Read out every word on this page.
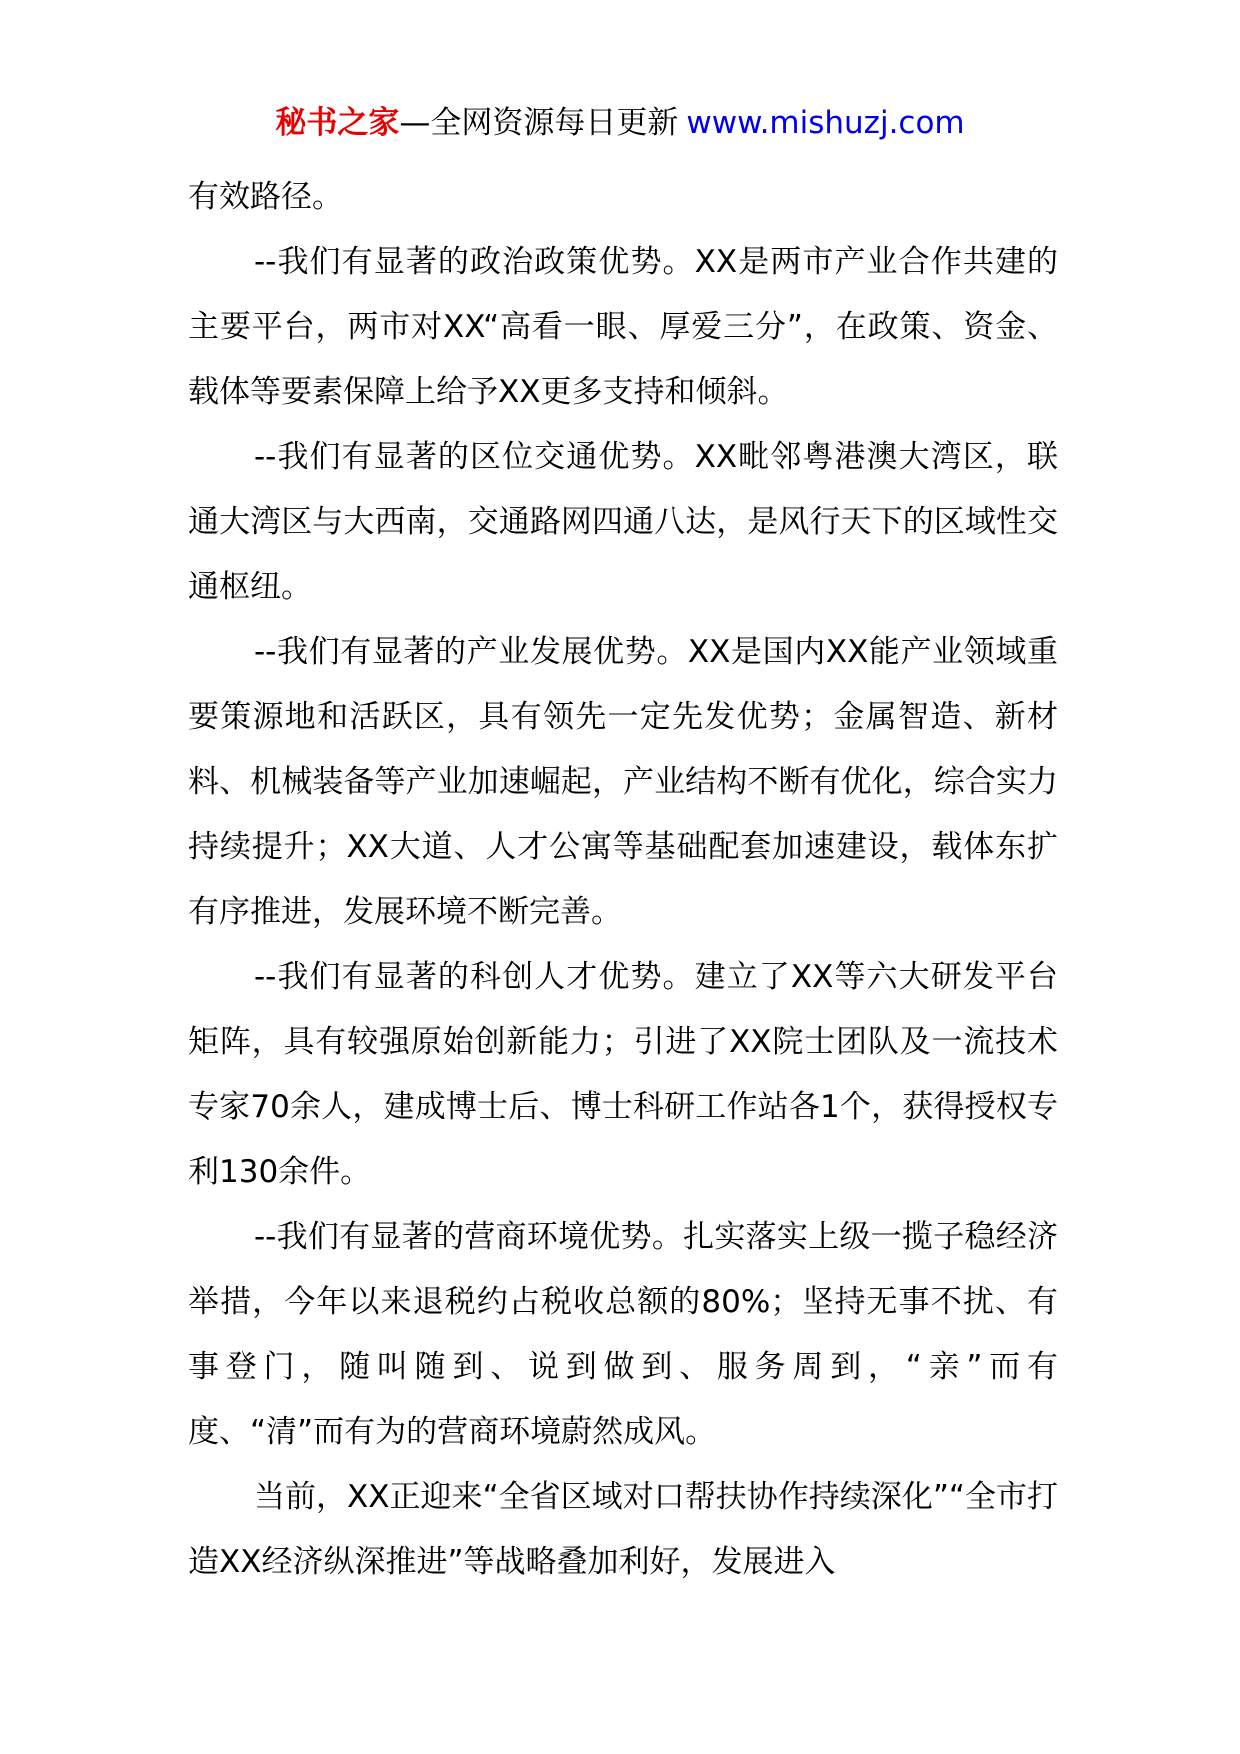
秘书之家—全网资源每日更新 www.mishuzj.com

有效路径。

--我们有显著的政治政策优势。XX是两市产业合作共建的主要平台，两市对XX“高看一眼、厚爱三分”，在政策、资金、载体等要素保障上给予XX更多支持和倾斜。

--我们有显著的区位交通优势。XX毗邻粤港澳大湾区，联通大湾区与大西南，交通路网四通八达，是风行天下的区域性交通枢纽。

--我们有显著的产业发展优势。XX是国内XX能产业领域重要策源地和活跃区，具有领先一定先发优势；金属智造、新材料、机械装备等产业加速崛起，产业结构不断有优化，综合实力持续提升；XX大道、人才公寓等基础配套加速建设，载体东扩有序推进，发展环境不断完善。

--我们有显著的科创人才优势。建立了XX等六大研发平台矩阵，具有较强原始创新能力；引进了XX院士团队及一流技术专家70余人，建成博士后、博士科研工作站各1个，获得授权专利130余件。

--我们有显著的营商环境优势。扎实落实上级一揽子稳经济举措，今年以来退税约占税收总额的80%；坚持无事不扰、有事登门，随叫随到、说到做到、服务周到，“亲”而有度、“清”而有为的营商环境蔚然成风。

当前，XX正迎来“全省区域对口帮扶协作持续深化”“全市打造XX经济纵深推进”等战略叠加利好，发展进入
